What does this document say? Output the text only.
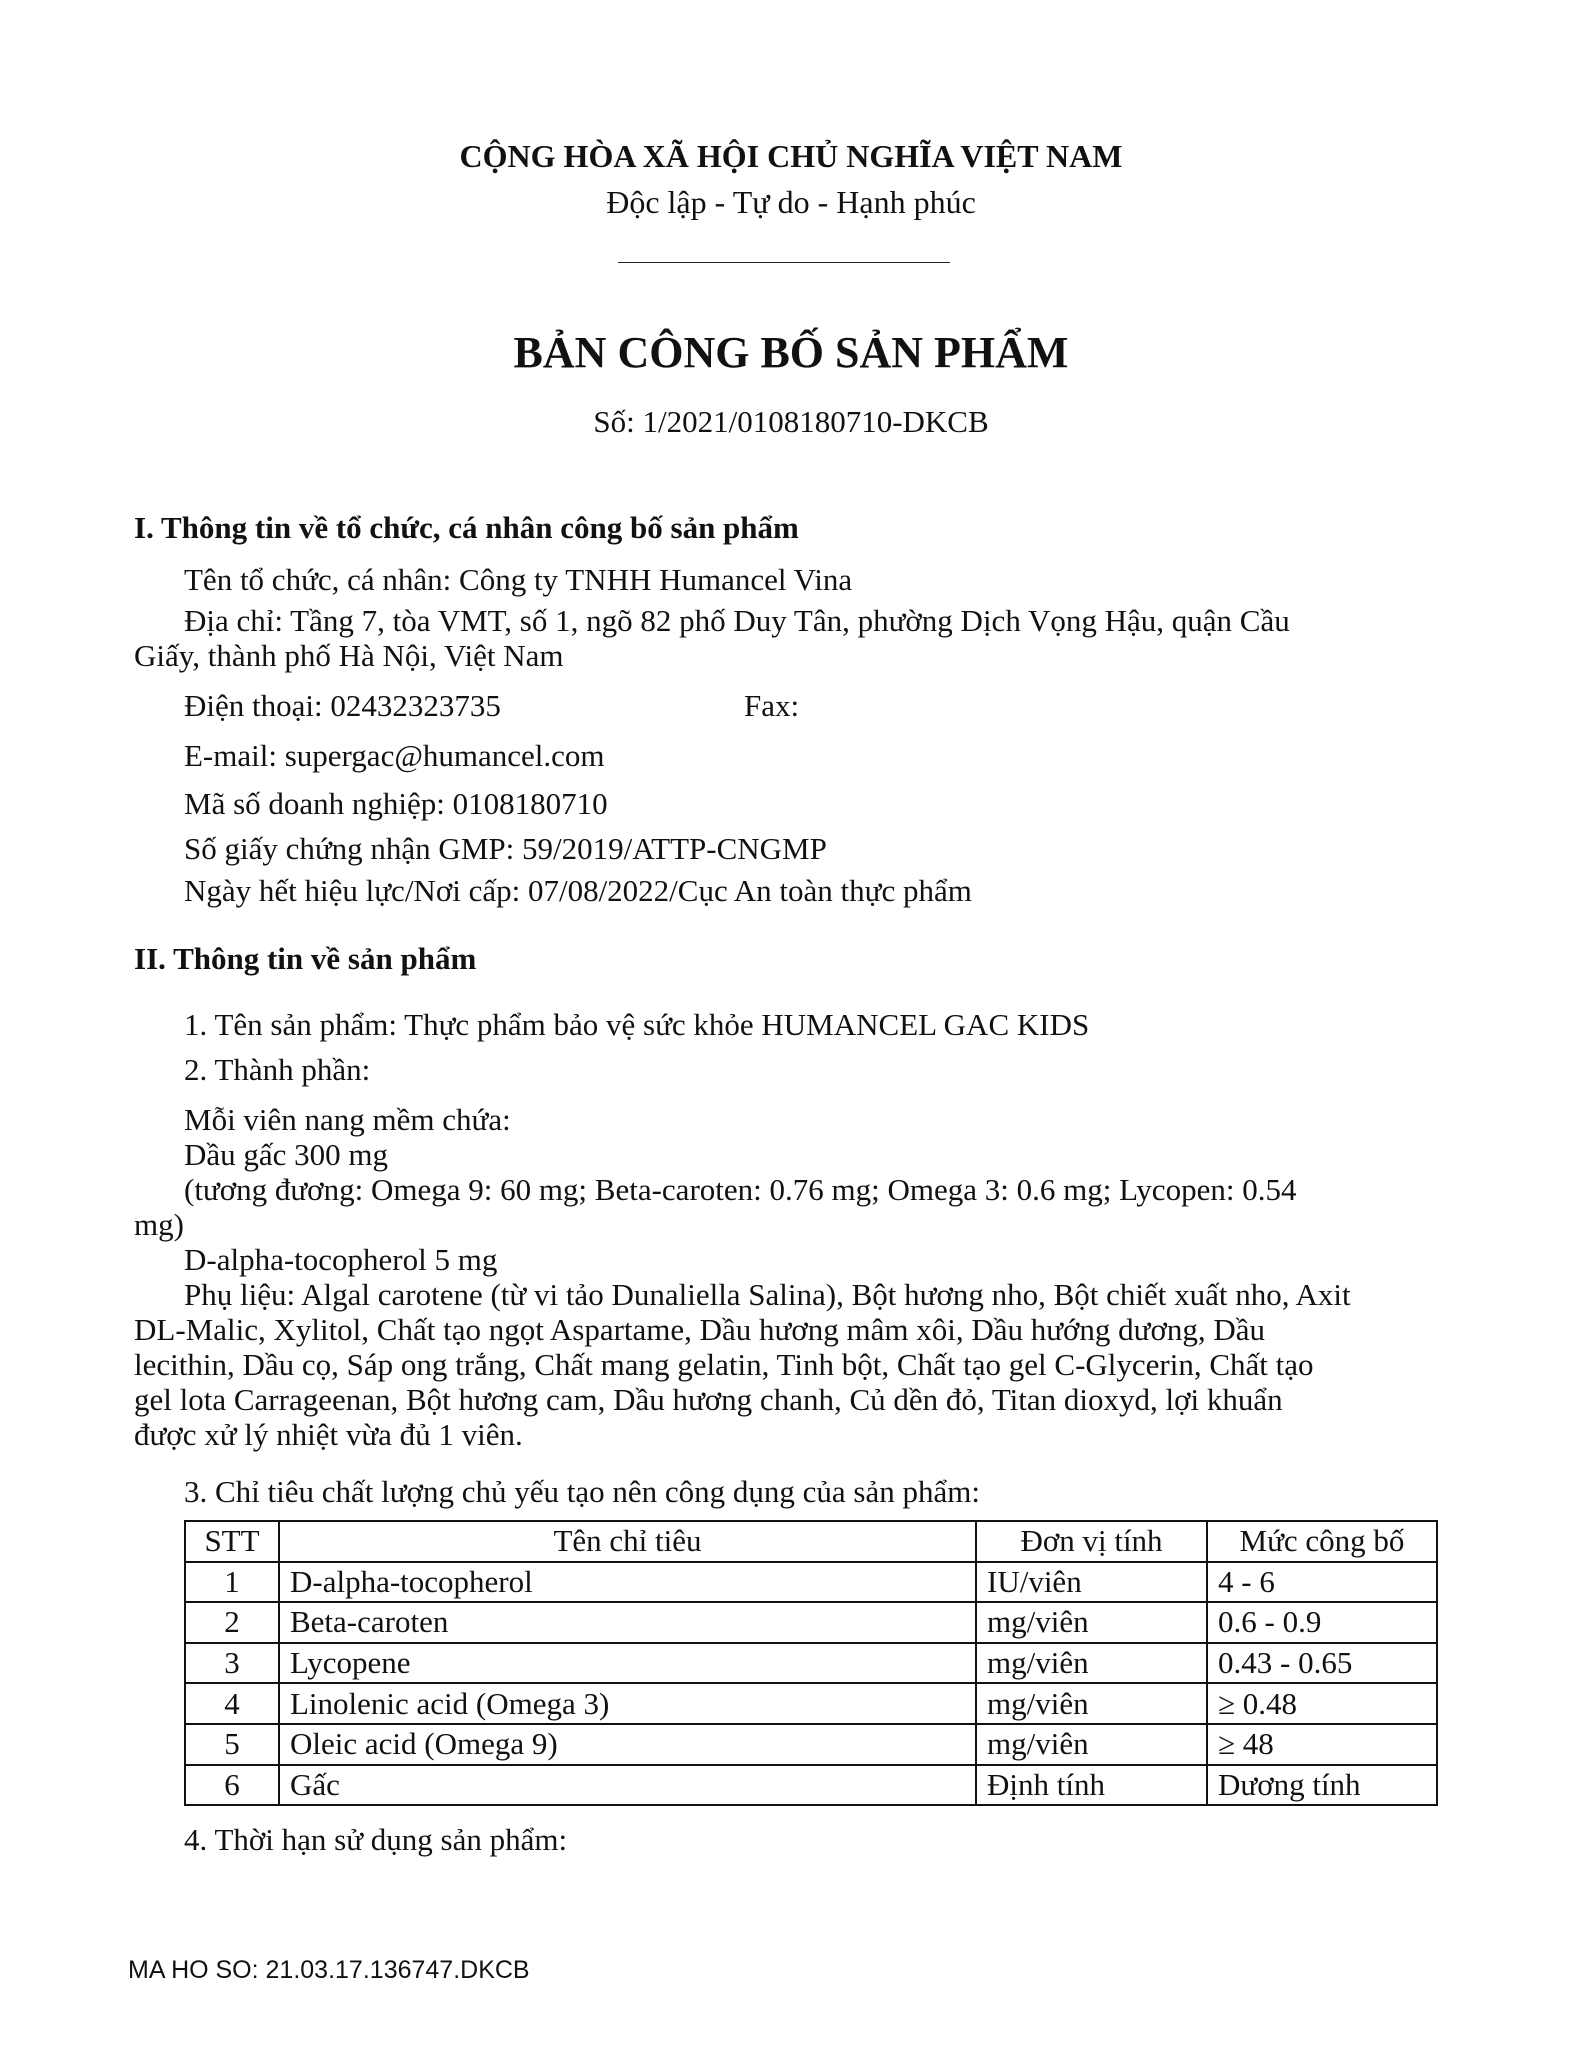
CỘNG HÒA XÃ HỘI CHỦ NGHĨA VIỆT NAM
Độc lập - Tự do - Hạnh phúc
BẢN CÔNG BỐ SẢN PHẨM
Số: 1/2021/0108180710-DKCB
I. Thông tin về tổ chức, cá nhân công bố sản phẩm
Tên tổ chức, cá nhân: Công ty TNHH Humancel Vina
Địa chỉ: Tầng 7, tòa VMT, số 1, ngõ 82 phố Duy Tân, phường Dịch Vọng Hậu, quận Cầu
Giấy, thành phố Hà Nội, Việt Nam
Điện thoại: 02432323735	Fax:
E-mail: supergac@humancel.com
Mã số doanh nghiệp: 0108180710
Số giấy chứng nhận GMP: 59/2019/ATTP-CNGMP
Ngày hết hiệu lực/Nơi cấp: 07/08/2022/Cục An toàn thực phẩm
II. Thông tin về sản phẩm
1. Tên sản phẩm: Thực phẩm bảo vệ sức khỏe HUMANCEL GAC KIDS
2. Thành phần:
Mỗi viên nang mềm chứa:
Dầu gấc 300 mg
(tương đương: Omega 9: 60 mg; Beta-caroten: 0.76 mg; Omega 3: 0.6 mg; Lycopen: 0.54
mg)
D-alpha-tocopherol 5 mg
Phụ liệu: Algal carotene (từ vi tảo Dunaliella Salina), Bột hương nho, Bột chiết xuất nho, Axit
DL-Malic, Xylitol, Chất tạo ngọt Aspartame, Dầu hương mâm xôi, Dầu hướng dương, Dầu
lecithin, Dầu cọ, Sáp ong trắng, Chất mang gelatin, Tinh bột, Chất tạo gel C-Glycerin, Chất tạo
gel lota Carrageenan, Bột hương cam, Dầu hương chanh, Củ dền đỏ, Titan dioxyd, lợi khuẩn
được xử lý nhiệt vừa đủ 1 viên.
3. Chỉ tiêu chất lượng chủ yếu tạo nên công dụng của sản phẩm:
STT	Tên chỉ tiêu	Đơn vị tính	Mức công bố
1	D-alpha-tocopherol	IU/viên	4 - 6
2	Beta-caroten	mg/viên	0.6 - 0.9
3	Lycopene	mg/viên	0.43 - 0.65
4	Linolenic acid (Omega 3)	mg/viên	≥ 0.48
5	Oleic acid (Omega 9)	mg/viên	≥ 48
6	Gấc	Định tính	Dương tính
4. Thời hạn sử dụng sản phẩm:
MA HO SO: 21.03.17.136747.DKCB
